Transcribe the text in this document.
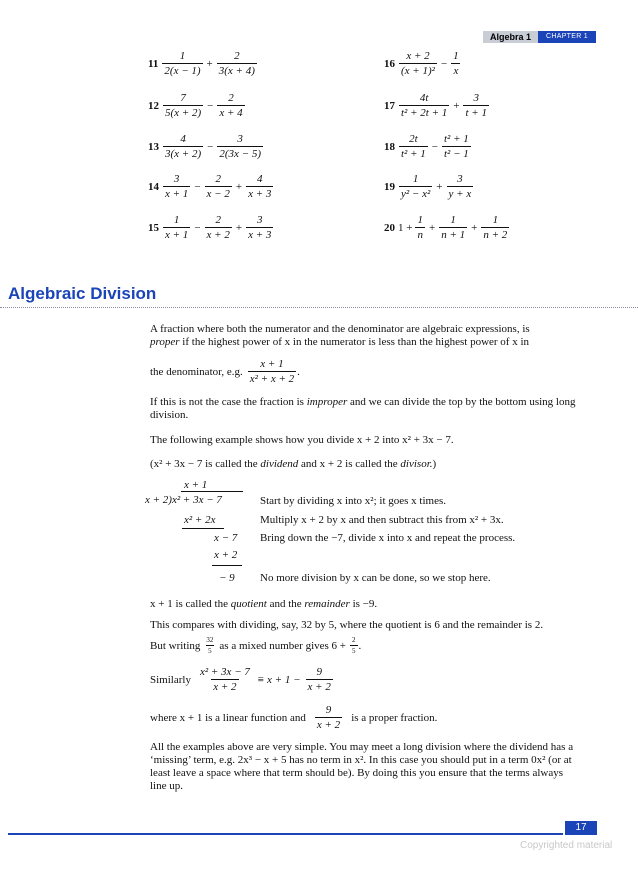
Algebra 1	CHAPTER 1
11
1
2(x − 1)
+ $\frac{2}{3(x + 4)}$
12
7
5(x + 2)
− $\frac{2}{x + 4}$
13
4
3(x + 2)
− $\frac{3}{2(3x - 5)}$
14
3
x + 1
− $\frac{2}{x - 2} + \frac{4}{x + 3}$
15
1
x + 1
− $\frac{2}{x + 2} + \frac{3}{x + 3}$
16
x + 2
(x + 1)²
− $\frac{1}{x}$
17
4t
t² + 2t + 1
+ $\frac{3}{t + 1}$
18
2t
t² + 1
− $\frac{\text{t² + 1}}{\text{t² − 1}}$
19
1
y² − x²
+ $\frac{3}{y + x}$
20 $1 + \frac{1}{n} + \frac{1}{n + 1} + \frac{1}{n + 2}$
Algebraic Division
A fraction where both the numerator and the denominator are algebraic expressions, is
proper if the highest power of x in the numerator is less than the highest power of x in
the denominator, e.g.
x + 1
x² + x + 2
.
If this is not the case the fraction is improper and we can divide the top by the bottom using long division.
The following example shows how you divide x + 2 into x² + 3x − 7.
(x² + 3x − 7 is called the dividend and x + 2 is called the divisor.)
x + 1
x + 2)x² + 3x − 7
x² + 2x
x − 7
x + 2
− 9
Start by dividing x into x²; it goes x times.
Multiply x + 2 by x and then subtract this from x² + 3x.
Bring down the −7, divide x into x and repeat the process.
No more division by x can be done, so we stop here.
x + 1 is called the quotient and the remainder is −9.
This compares with dividing, say, 32 by 5, where the quotient is 6 and the remainder is 2.
But writing 32
5 as a mixed number gives $6 + \frac{2}{5}$ .
Similarly
x² + 3x − 7
x + 2
≡ $x + 1 - \frac{9}{x + 2}$
where x + 1 is a linear function and
9
x + 2
is a proper fraction.
All the examples above are very simple. You may meet a long division where the dividend has a ‘missing’ term, e.g. 2x³ − x + 5 has no term in x². In this case you should put in a term 0x² (or at least leave a space where that term should be). By doing this you ensure that the terms always line up.
17
Copyrighted material
